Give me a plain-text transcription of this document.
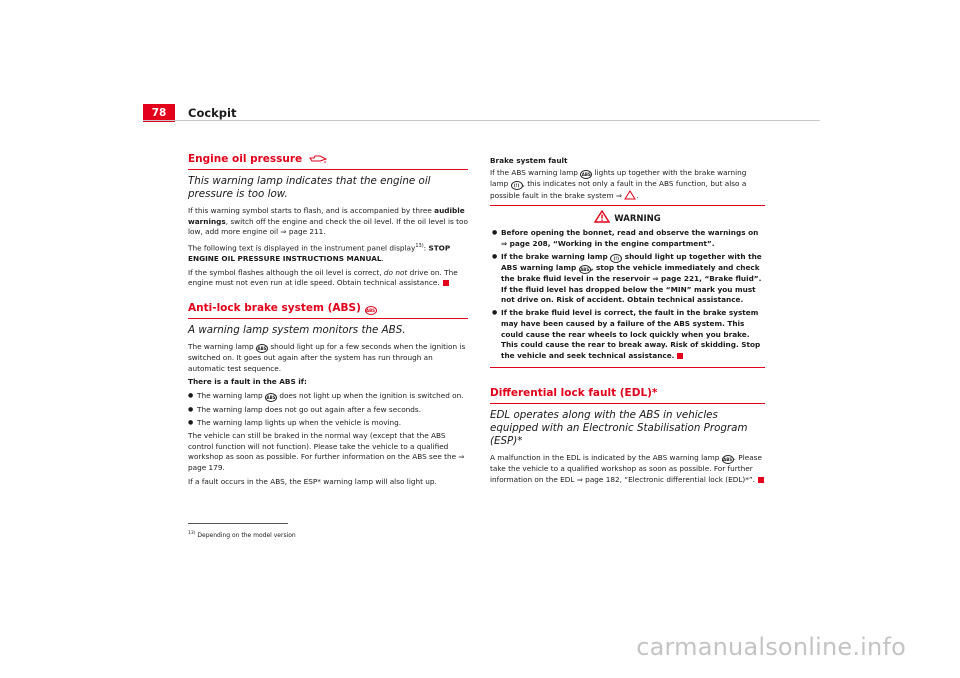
78	Cockpit
Engine oil pressure
This warning lamp indicates that the engine oil pressure is too low.

If this warning symbol starts to flash, and is accompanied by three audible warnings, switch off the engine and check the oil level. If the oil level is too low, add more engine oil ⇒ page 211.

The following text is displayed in the instrument panel display$^{13)}$: STOP ENGINE OIL PRESSURE INSTRUCTIONS MANUAL.

If the symbol flashes although the oil level is correct, do not drive on. The engine must not even run at idle speed. Obtain technical assistance.

Anti-lock brake system (ABS) ABS
A warning lamp system monitors the ABS.

The warning lamp ABS should light up for a few seconds when the ignition is switched on. It goes out again after the system has run through an automatic test sequence.

There is a fault in the ABS if:

● The warning lamp ABS does not light up when the ignition is switched on.
● The warning lamp does not go out again after a few seconds.
● The warning lamp lights up when the vehicle is moving.

The vehicle can still be braked in the normal way (except that the ABS control function will not function). Please take the vehicle to a qualified workshop as soon as possible. For further information on the ABS see the ⇒ page 179.

If a fault occurs in the ABS, the ESP* warning lamp will also light up.

$^{13)}$ Depending on the model version

Brake system fault

If the ABS warning lamp ABS lights up together with the brake warning lamp (!) , this indicates not only a fault in the ABS function, but also a possible fault in the brake system ⇒ .

WARNING
● Before opening the bonnet, read and observe the warnings on ⇒ page 208, “Working in the engine compartment”.
● If the brake warning lamp (!) should light up together with the ABS warning lamp ABS, stop the vehicle immediately and check the brake fluid level in the reservoir ⇒ page 221, “Brake fluid”. If the fluid level has dropped below the “MIN” mark you must not drive on. Risk of accident. Obtain technical assistance.
● If the brake fluid level is correct, the fault in the brake system may have been caused by a failure of the ABS system. This could cause the rear wheels to lock quickly when you brake. This could cause the rear to break away. Risk of skidding. Stop the vehicle and seek technical assistance.
Differential lock fault (EDL)*
EDL operates along with the ABS in vehicles equipped with an Electronic Stabilisation Program (ESP)*

A malfunction in the EDL is indicated by the ABS warning lamp ABS. Please take the vehicle to a qualified workshop as soon as possible. For further information on the EDL ⇒ page 182, “Electronic differential lock (EDL)*”.

carmanualsonline.info
